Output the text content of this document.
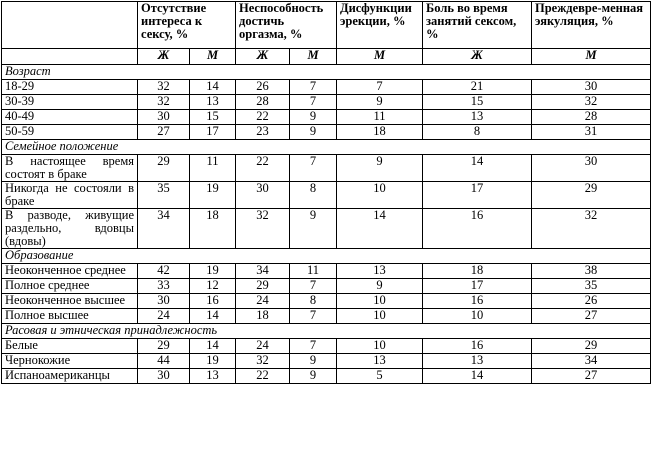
	Отсутствие интереса к сексу, %		Неспособность достичь оргазма, %		Дисфункции эрекции, %	Боль во время занятий сексом, %	Преждевре-менная эякуляция, %
	Ж	М	Ж	М	М	Ж	М
Возраст							
18-29	32	14	26	7	7	21	30
30-39	32	13	28	7	9	15	32
40-49	30	15	22	9	11	13	28
50-59	27	17	23	9	18	8	31
Семейное положение							
В настоящее время состоят в браке	29	11	22	7	9	14	30
Никогда не состояли в браке	35	19	30	8	10	17	29
В разводе, живущие раздельно, вдовцы (вдовы)	34	18	32	9	14	16	32
Образование							
Неоконченное среднее	42	19	34	11	13	18	38
Полное среднее	33	12	29	7	9	17	35
Неоконченное высшее	30	16	24	8	10	16	26
Полное высшее	24	14	18	7	10	10	27
Расовая и этническая принадлежность							
Белые	29	14	24	7	10	16	29
Чернокожие	44	19	32	9	13	13	34
Испаноамериканцы	30	13	22	9	5	14	27
